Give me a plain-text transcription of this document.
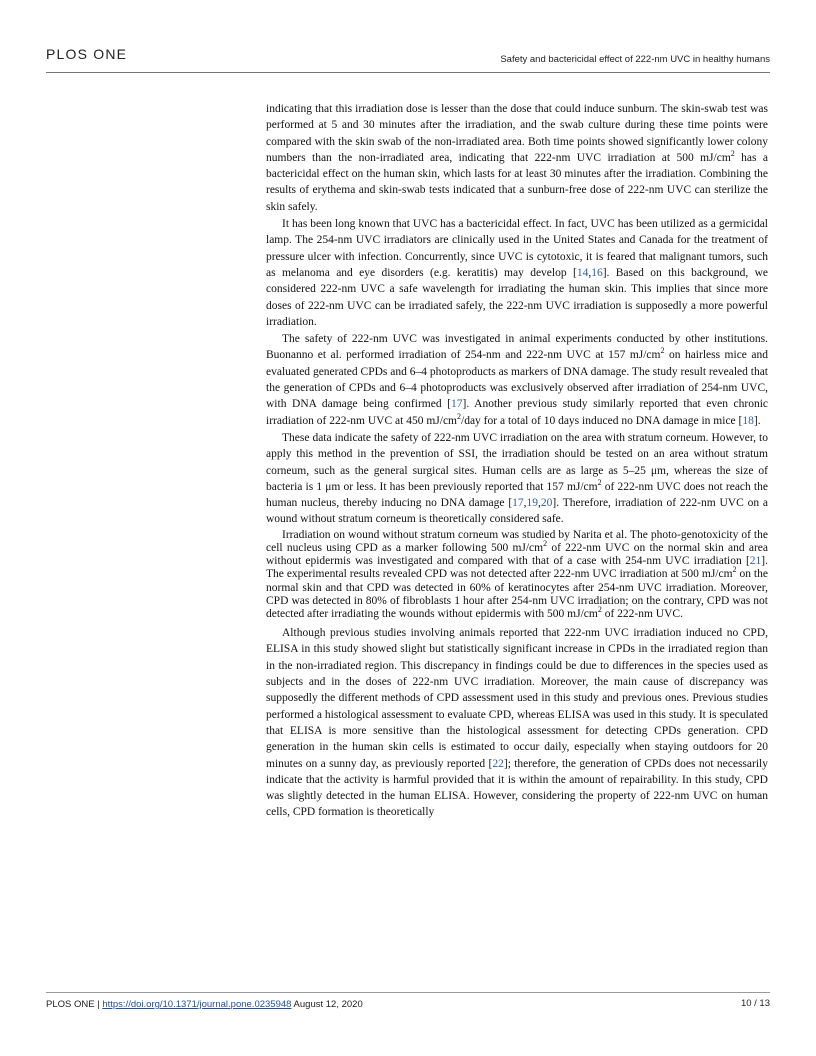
PLOS ONE	Safety and bactericidal effect of 222-nm UVC in healthy humans

indicating that this irradiation dose is lesser than the dose that could induce sunburn. The skin-swab test was performed at 5 and 30 minutes after the irradiation, and the swab culture during these time points were compared with the skin swab of the non-irradiated area. Both time points showed significantly lower colony numbers than the non-irradiated area, indicating that 222-nm UVC irradiation at 500 $mJ/cm^2$ has a bactericidal effect on the human skin, which lasts for at least 30 minutes after the irradiation. Combining the results of erythema and skin-swab tests indicated that a sunburn-free dose of 222-nm UVC can sterilize the skin safely.

It has been long known that UVC has a bactericidal effect. In fact, UVC has been utilized as a germicidal lamp. The 254-nm UVC irradiators are clinically used in the United States and Canada for the treatment of pressure ulcer with infection. Concurrently, since UVC is cytotoxic, it is feared that malignant tumors, such as melanoma and eye disorders (e.g. keratitis) may develop [14,16]. Based on this background, we considered 222-nm UVC a safe wavelength for irradiating the human skin. This implies that since more doses of 222-nm UVC can be irradiated safely, the 222-nm UVC irradiation is supposedly a more powerful irradiation.

The safety of 222-nm UVC was investigated in animal experiments conducted by other institutions. Buonanno et al. performed irradiation of 254-nm and 222-nm UVC at 157 $mJ/cm^2$ on hairless mice and evaluated generated CPDs and 6–4 photoproducts as markers of DNA damage. The study result revealed that the generation of CPDs and 6–4 photoproducts was exclusively observed after irradiation of 254-nm UVC, with DNA damage being confirmed [17]. Another previous study similarly reported that even chronic irradiation of 222-nm UVC at 450 $mJ/cm^2$/day for a total of 10 days induced no DNA damage in mice [18].

These data indicate the safety of 222-nm UVC irradiation on the area with stratum corneum. However, to apply this method in the prevention of SSI, the irradiation should be tested on an area without stratum corneum, such as the general surgical sites. Human cells are as large as 5–25 μm, whereas the size of bacteria is 1 μm or less. It has been previously reported that 157 $mJ/cm^2$ of 222-nm UVC does not reach the human nucleus, thereby inducing no DNA damage [17,19,20]. Therefore, irradiation of 222-nm UVC on a wound without stratum corneum is theoretically considered safe.

Irradiation on wound without stratum corneum was studied by Narita et al. The photo-genotoxicity of the cell nucleus using CPD as a marker following 500 $mJ/cm^2$ of 222-nm UVC on the normal skin and area without epidermis was investigated and compared with that of a case with 254-nm UVC irradiation [21]. The experimental results revealed CPD was not detected after 222-nm UVC irradiation at 500 $mJ/cm^2$ on the normal skin and that CPD was detected in 60% of keratinocytes after 254-nm UVC irradiation. Moreover, CPD was detected in 80% of fibroblasts 1 hour after 254-nm UVC irradiation; on the contrary, CPD was not detected after irradiating the wounds without epidermis with 500 $mJ/cm^2$ of 222-nm UVC.

Although previous studies involving animals reported that 222-nm UVC irradiation induced no CPD, ELISA in this study showed slight but statistically significant increase in CPDs in the irradiated region than in the non-irradiated region. This discrepancy in findings could be due to differences in the species used as subjects and in the doses of 222-nm UVC irradiation. Moreover, the main cause of discrepancy was supposedly the different methods of CPD assessment used in this study and previous ones. Previous studies performed a histological assessment to evaluate CPD, whereas ELISA was used in this study. It is speculated that ELISA is more sensitive than the histological assessment for detecting CPDs generation. CPD generation in the human skin cells is estimated to occur daily, especially when staying outdoors for 20 minutes on a sunny day, as previously reported [22]; therefore, the generation of CPDs does not necessarily indicate that the activity is harmful provided that it is within the amount of repairability. In this study, CPD was slightly detected in the human ELISA. However, considering the property of 222-nm UVC on human cells, CPD formation is theoretically

PLOS ONE | https://doi.org/10.1371/journal.pone.0235948 August 12, 2020	10 / 13
